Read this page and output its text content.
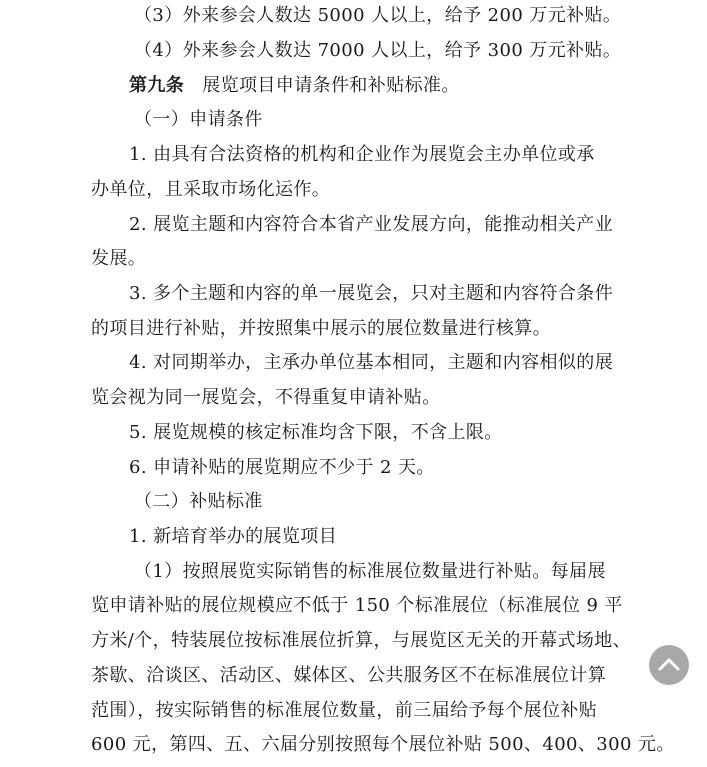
（3）外来参会人数达 5000 人以上，给予 200 万元补贴。

（4）外来参会人数达 7000 人以上，给予 300 万元补贴。

第九条 展览项目申请条件和补贴标准。

（一）申请条件

1. 由具有合法资格的机构和企业作为展览会主办单位或承

办单位，且采取市场化运作。

2. 展览主题和内容符合本省产业发展方向，能推动相关产业

发展。

3. 多个主题和内容的单一展览会，只对主题和内容符合条件

的项目进行补贴，并按照集中展示的展位数量进行核算。

4. 对同期举办，主承办单位基本相同，主题和内容相似的展

览会视为同一展览会，不得重复申请补贴。

5. 展览规模的核定标准均含下限，不含上限。

6. 申请补贴的展览期应不少于 2 天。

（二）补贴标准

1. 新培育举办的展览项目

（1）按照展览实际销售的标准展位数量进行补贴。每届展

览申请补贴的展位规模应不低于 150 个标准展位（标准展位 9 平

方米/个，特装展位按标准展位折算，与展览区无关的开幕式场地、

茶歇、洽谈区、活动区、媒体区、公共服务区不在标准展位计算

范围），按实际销售的标准展位数量，前三届给予每个展位补贴

600 元，第四、五、六届分别按照每个展位补贴 500、400、300 元。
